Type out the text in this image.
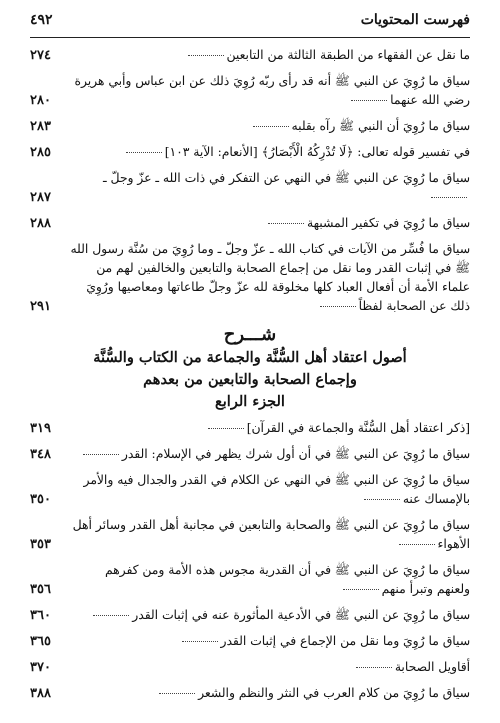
فهرست المحتويات
٤٩٢
ما نقل عن الفقهاء من الطبقة الثالثة من التابعين
٢٧٤
سياق ما رُوِيَ عن النبي ﷺ أنه قد رأى ربّه رُوِيَ ذلك عن ابن عباس وأبي هريرة رضي الله عنهما
٢٨٠
سياق ما رُوِيَ أن النبي ﷺ رآه بقلبه
٢٨٣
في تفسير قوله تعالى: ﴿لَا تُدْرِكُهُ الْأَبْصَارُ﴾ [الأنعام: الآية ١٠٣]
٢٨٥
سياق ما رُوِيَ عن النبي ﷺ في النهي عن التفكر في ذات الله ـ عزّ وجلّ ـ
٢٨٧
سياق ما رُوِيَ في تكفير المشبهة
٢٨٨
سياق ما فُسِّر من الآيات في كتاب الله ـ عزّ وجلّ ـ وما رُوِيَ من سُنَّة رسول الله ﷺ في إثبات القدر وما نقل من إجماع الصحابة والتابعين والخالفين لهم من علماء الأمة أن أفعال العباد كلها مخلوقة لله عزّ وجلّ طاعاتها ومعاصيها ورُوِيَ ذلك عن الصحابة لفظاً
٢٩١
شـــرح
أصول اعتقاد أهل السُّنَّة والجماعة من الكتاب والسُّنَّة
وإجماع الصحابة والتابعين من بعدهم
الجزء الرابع
[ذكر اعتقاد أهل السُّنَّة والجماعة في القرآن]
٣١٩
سياق ما رُوِيَ عن النبي ﷺ في أن أول شرك يظهر في الإسلام: القدر
٣٤٨
سياق ما رُوِيَ عن النبي ﷺ في النهي عن الكلام في القدر والجدال فيه والأمر بالإمساك عنه
٣٥٠
سياق ما رُوِيَ عن النبي ﷺ والصحابة والتابعين في مجانبة أهل القدر وسائر أهل الأهواء
٣٥٣
سياق ما رُوِيَ عن النبي ﷺ في أن القدرية مجوس هذه الأمة ومن كفرهم ولعنهم وتبرأ منهم
٣٥٦
سياق ما رُوِيَ عن النبي ﷺ في الأدعية المأثورة عنه في إثبات القدر
٣٦٠
سياق ما رُوِيَ وما نقل من الإجماع في إثبات القدر
٣٦٥
أقاويل الصحابة
٣٧٠
سياق ما رُوِيَ من كلام العرب في النثر والنظم والشعر
٣٨٨
